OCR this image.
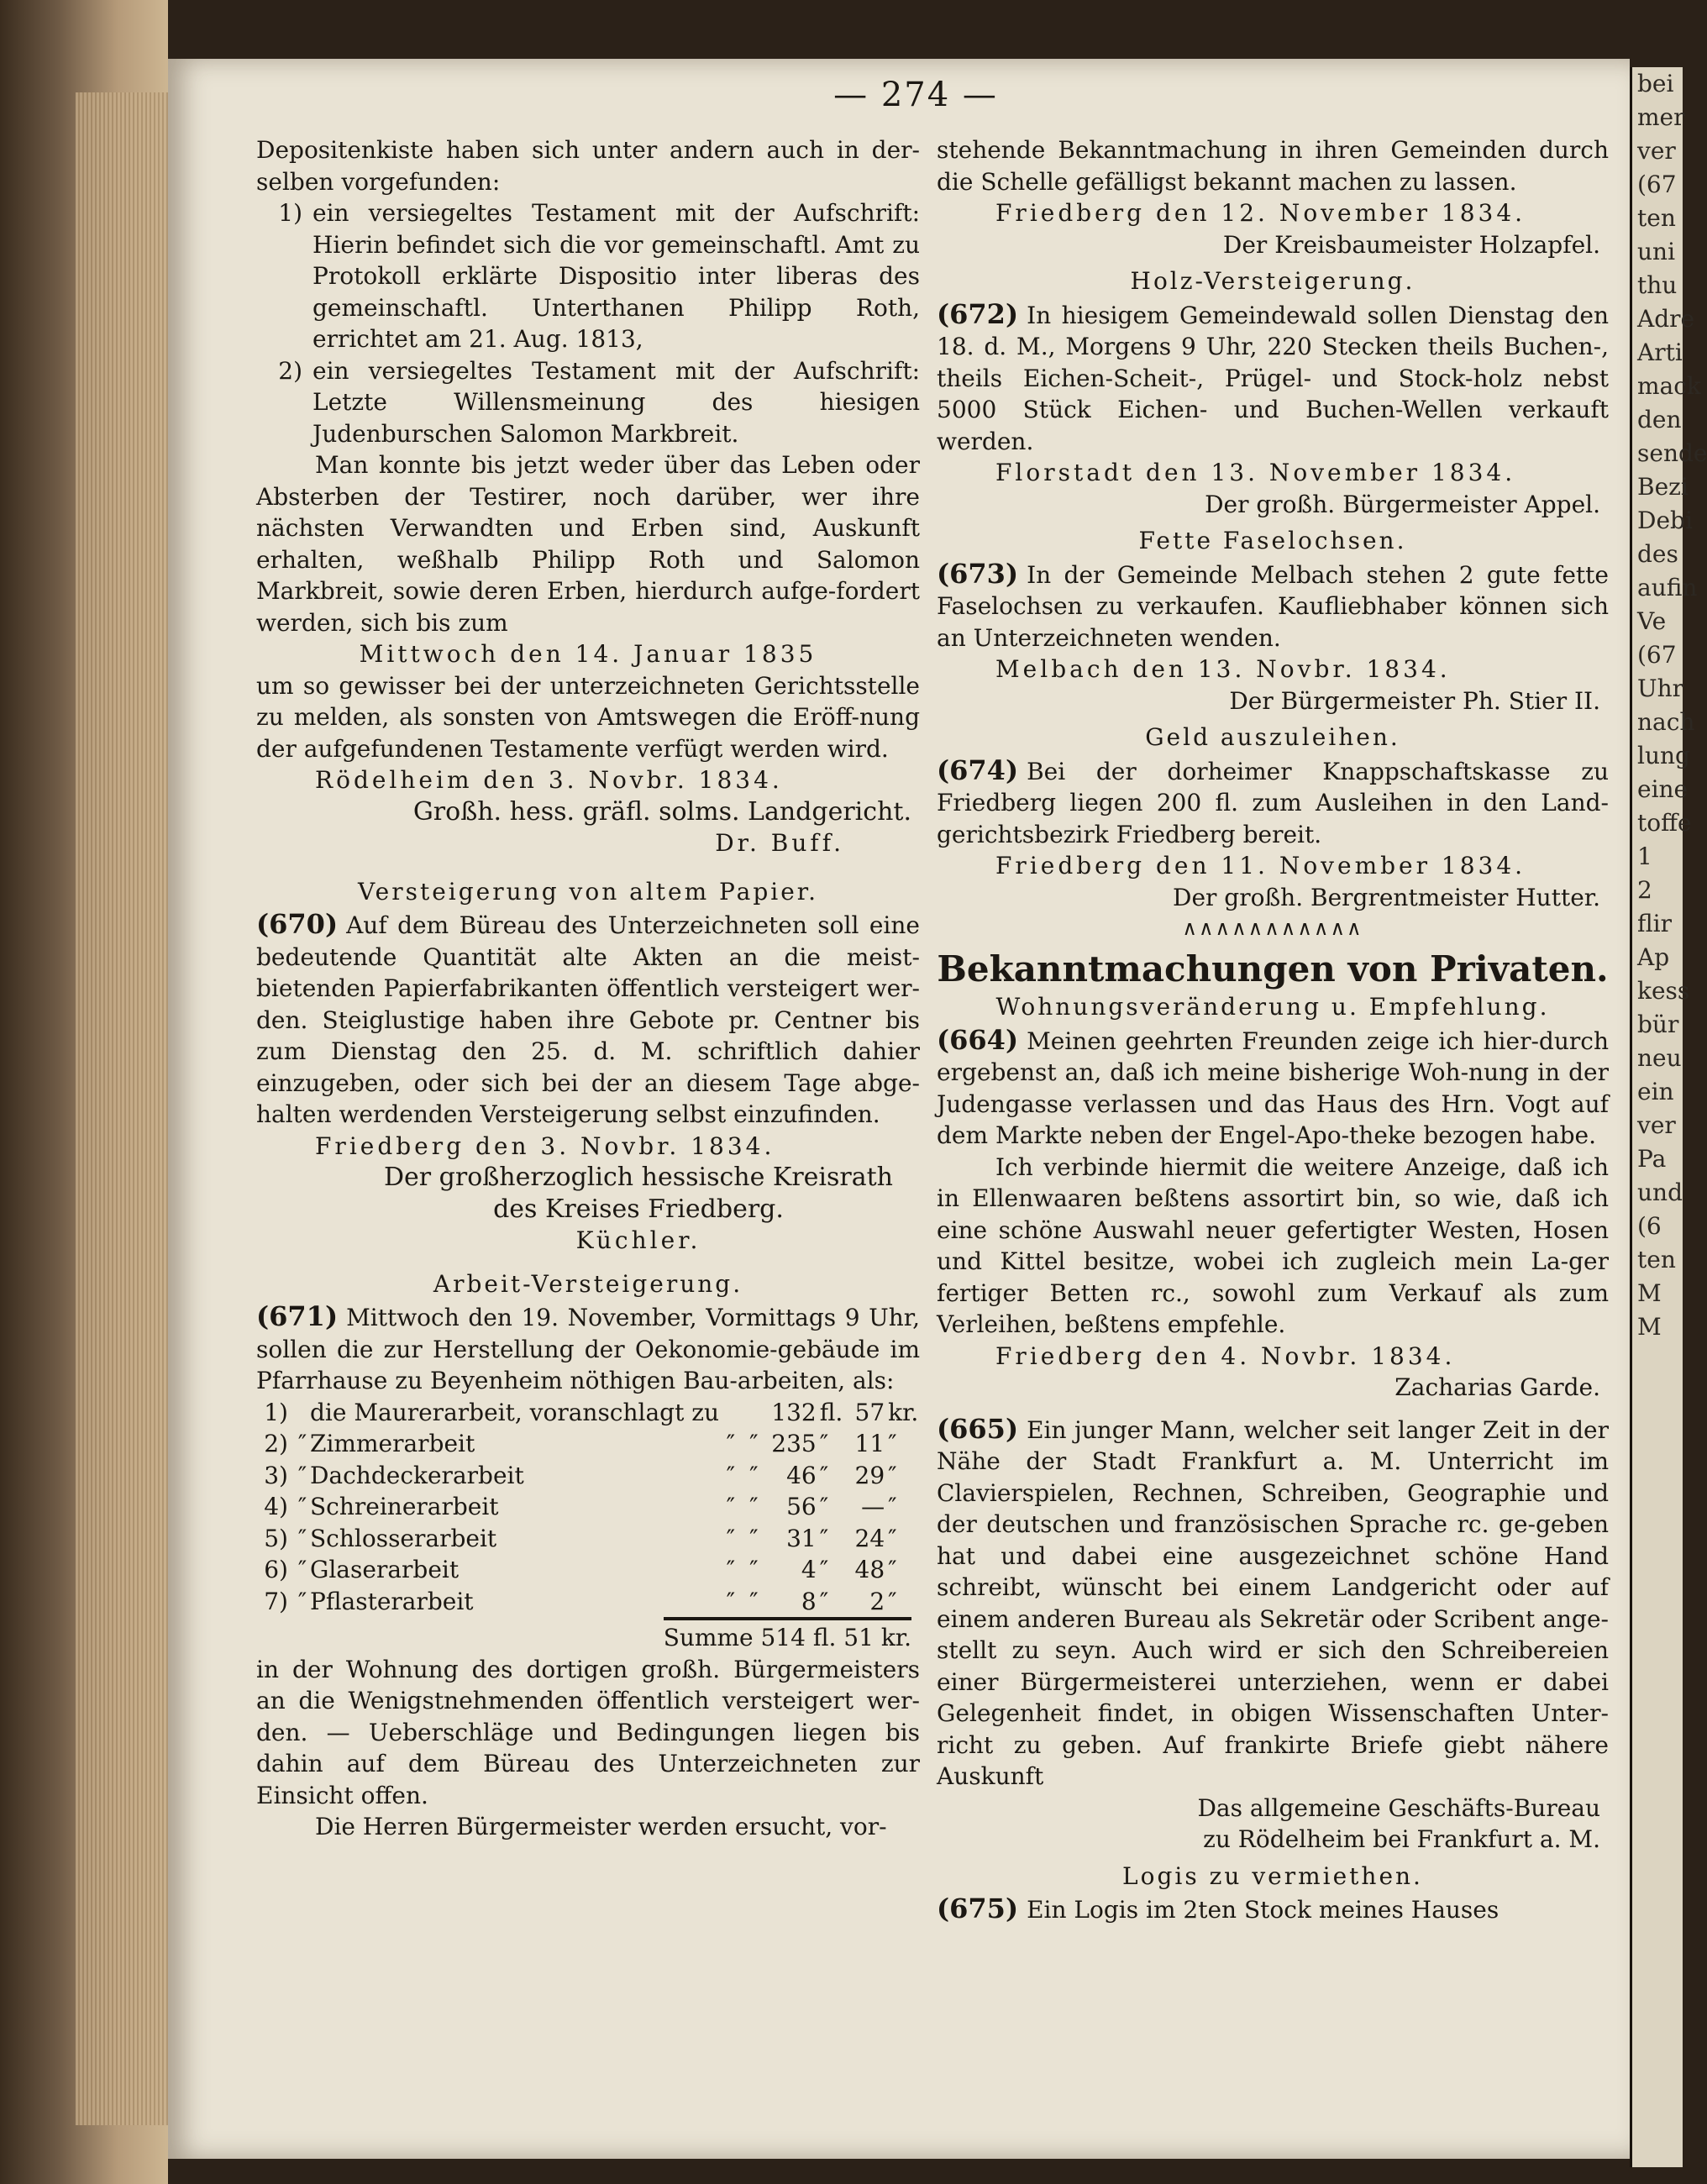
bei
mer
ver
(67
ten
uni
thu
Adre
Arti
mack
den
sende
Bezi
Debi
des
aufin
Ve
(67
Uhr
nach
lung
eine
toffe
1
2
flir
Ap
kess
bür
neu
ein
ver
Pa
und
(6
ten
M
M
— 274 —

Depositenkiste haben sich unter andern auch in der-selben vorgefunden:

1) ein versiegeltes Testament mit der Aufschrift: Hierin befindet sich die vor gemeinschaftl. Amt zu Protokoll erklärte Dispositio inter liberas des gemeinschaftl. Unterthanen Philipp Roth, errichtet am 21. Aug. 1813,
2) ein versiegeltes Testament mit der Aufschrift: Letzte Willensmeinung des hiesigen Judenburschen Salomon Markbreit.

Man konnte bis jetzt weder über das Leben oder Absterben der Testirer, noch darüber, wer ihre nächsten Verwandten und Erben sind, Auskunft erhalten, weßhalb Philipp Roth und Salomon Markbreit, sowie deren Erben, hierdurch aufge-fordert werden, sich bis zum

Mittwoch den 14. Januar 1835

um so gewisser bei der unterzeichneten Gerichtsstelle zu melden, als sonsten von Amtswegen die Eröff-nung der aufgefundenen Testamente verfügt werden wird.

Rödelheim den 3. Novbr. 1834.

Großh. hess. gräfl. solms. Landgericht.

Dr. Buff.

Versteigerung von altem Papier.

(670) Auf dem Büreau des Unterzeichneten soll eine bedeutende Quantität alte Akten an die meist-bietenden Papierfabrikanten öffentlich versteigert wer-den. Steiglustige haben ihre Gebote pr. Centner bis zum Dienstag den 25. d. M. schriftlich dahier einzugeben, oder sich bei der an diesem Tage abge-halten werdenden Versteigerung selbst einzufinden.

Friedberg den 3. Novbr. 1834.

Der großherzoglich hessische Kreisrath

des Kreises Friedberg.

Küchler.

Arbeit-Versteigerung.

(671) Mittwoch den 19. November, Vormittags 9 Uhr, sollen die zur Herstellung der Oekonomie-gebäude im Pfarrhause zu Beyenheim nöthigen Bau-arbeiten, als:

1)		die Maurerarbeit, voranschlagt zu			132	fl.	57	kr.
2)	″	Zimmerarbeit	″	″	235	″	11	″
3)	″	Dachdeckerarbeit	″	″	46	″	29	″
4)	″	Schreinerarbeit	″	″	56	″	—	″
5)	″	Schlosserarbeit	″	″	31	″	24	″
6)	″	Glaserarbeit	″	″	4	″	48	″
7)	″	Pflasterarbeit	″	″	8	″	2	″
Summe 514 fl. 51 kr.

in der Wohnung des dortigen großh. Bürgermeisters an die Wenigstnehmenden öffentlich versteigert wer-den. — Ueberschläge und Bedingungen liegen bis dahin auf dem Büreau des Unterzeichneten zur Einsicht offen.

Die Herren Bürgermeister werden ersucht, vor-

stehende Bekanntmachung in ihren Gemeinden durch die Schelle gefälligst bekannt machen zu lassen.

Friedberg den 12. November 1834.

Der Kreisbaumeister Holzapfel.

Holz-Versteigerung.

(672) In hiesigem Gemeindewald sollen Dienstag den 18. d. M., Morgens 9 Uhr, 220 Stecken theils Buchen-, theils Eichen-Scheit-, Prügel- und Stock-holz nebst 5000 Stück Eichen- und Buchen-Wellen verkauft werden.

Florstadt den 13. November 1834.

Der großh. Bürgermeister Appel.

Fette Faselochsen.

(673) In der Gemeinde Melbach stehen 2 gute fette Faselochsen zu verkaufen. Kaufliebhaber können sich an Unterzeichneten wenden.

Melbach den 13. Novbr. 1834.

Der Bürgermeister Ph. Stier II.

Geld auszuleihen.

(674) Bei der dorheimer Knappschaftskasse zu Friedberg liegen 200 fl. zum Ausleihen in den Land-gerichtsbezirk Friedberg bereit.

Friedberg den 11. November 1834.

Der großh. Bergrentmeister Hutter.

∧∧∧∧∧∧∧∧∧∧∧
Bekanntmachungen von Privaten.
Wohnungsveränderung u. Empfehlung.

(664) Meinen geehrten Freunden zeige ich hier-durch ergebenst an, daß ich meine bisherige Woh-nung in der Judengasse verlassen und das Haus des Hrn. Vogt auf dem Markte neben der Engel-Apo-theke bezogen habe.

Ich verbinde hiermit die weitere Anzeige, daß ich in Ellenwaaren beßtens assortirt bin, so wie, daß ich eine schöne Auswahl neuer gefertigter Westen, Hosen und Kittel besitze, wobei ich zugleich mein La-ger fertiger Betten rc., sowohl zum Verkauf als zum Verleihen, beßtens empfehle.

Friedberg den 4. Novbr. 1834.

Zacharias Garde.

(665) Ein junger Mann, welcher seit langer Zeit in der Nähe der Stadt Frankfurt a. M. Unterricht im Clavierspielen, Rechnen, Schreiben, Geographie und der deutschen und französischen Sprache rc. ge-geben hat und dabei eine ausgezeichnet schöne Hand schreibt, wünscht bei einem Landgericht oder auf einem anderen Bureau als Sekretär oder Scribent ange-stellt zu seyn. Auch wird er sich den Schreibereien einer Bürgermeisterei unterziehen, wenn er dabei Gelegenheit findet, in obigen Wissenschaften Unter-richt zu geben. Auf frankirte Briefe giebt nähere Auskunft

Das allgemeine Geschäfts-Bureau

zu Rödelheim bei Frankfurt a. M.

Logis zu vermiethen.

(675) Ein Logis im 2ten Stock meines Hauses
